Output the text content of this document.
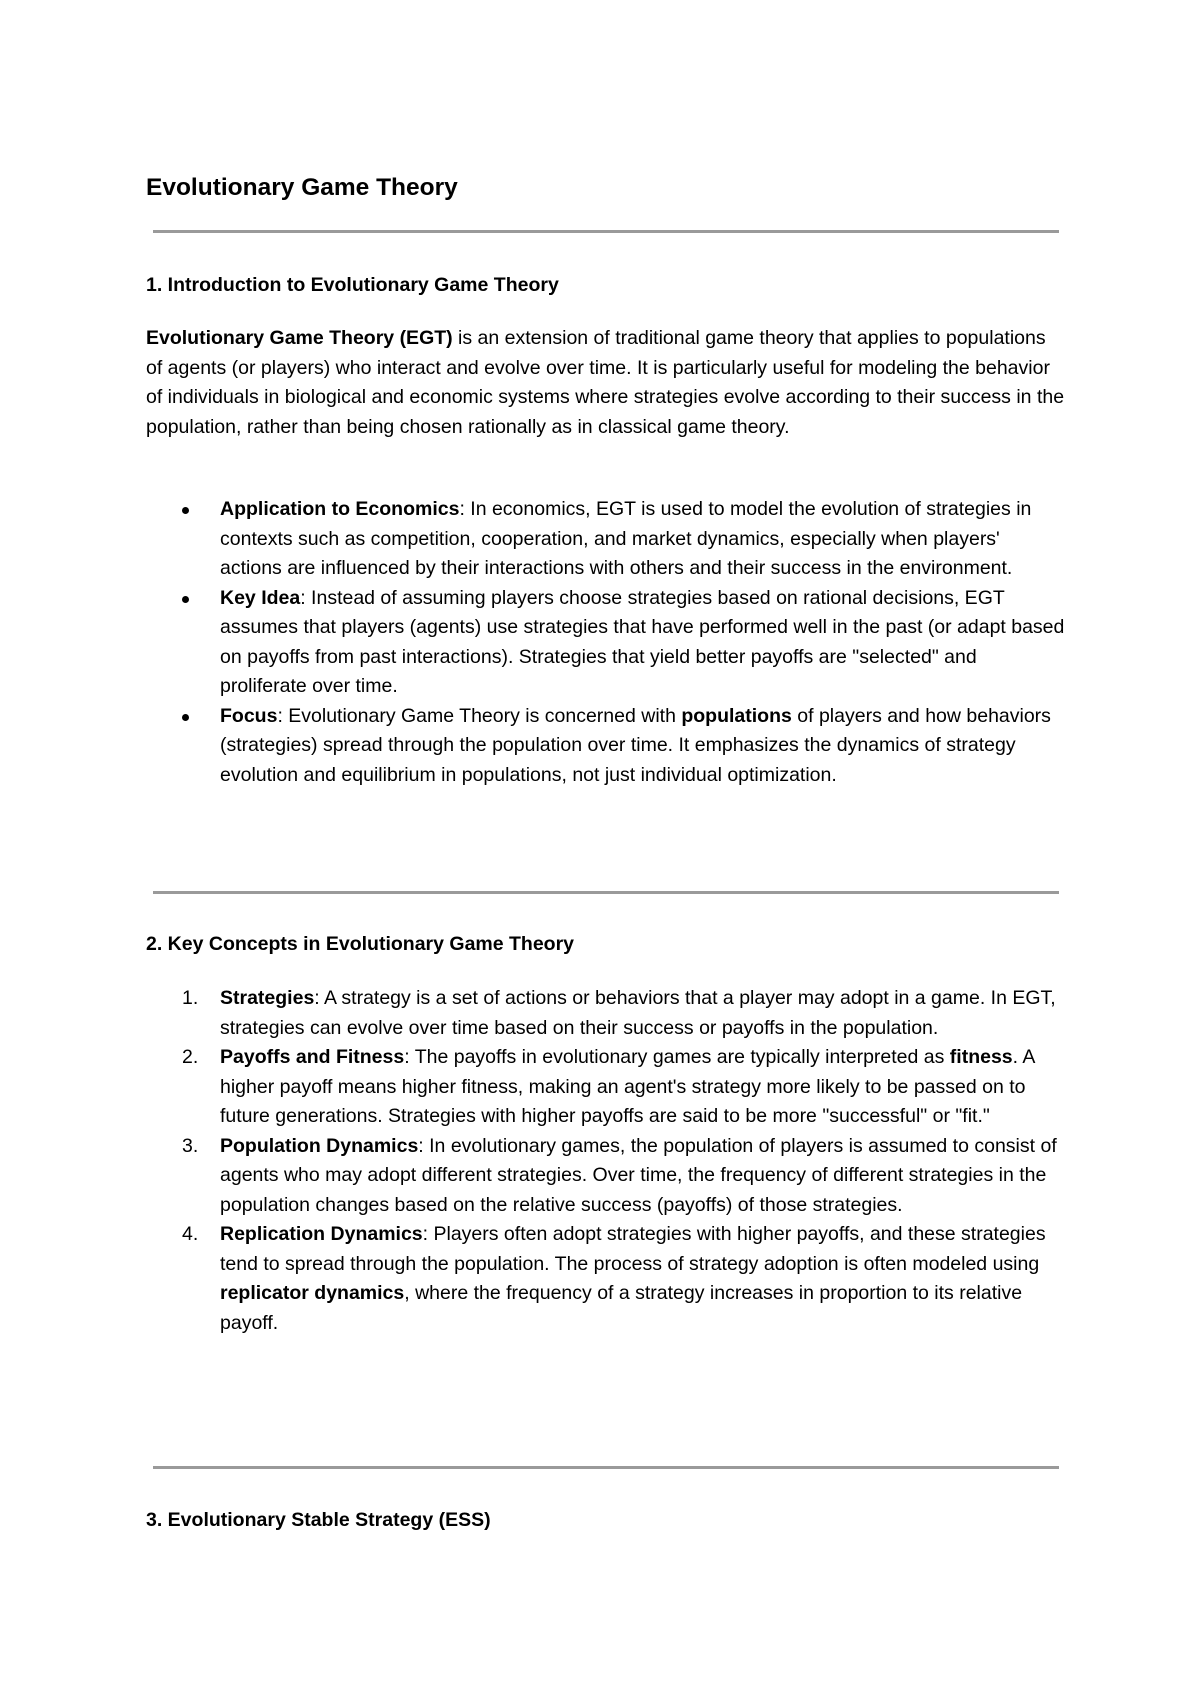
Evolutionary Game Theory
1. Introduction to Evolutionary Game Theory

Evolutionary Game Theory (EGT) is an extension of traditional game theory that applies to populations of agents (or players) who interact and evolve over time. It is particularly useful for modeling the behavior of individuals in biological and economic systems where strategies evolve according to their success in the population, rather than being chosen rationally as in classical game theory.

Application to Economics: In economics, EGT is used to model the evolution of strategies in contexts such as competition, cooperation, and market dynamics, especially when players' actions are influenced by their interactions with others and their success in the environment.
Key Idea: Instead of assuming players choose strategies based on rational decisions, EGT assumes that players (agents) use strategies that have performed well in the past (or adapt based on payoffs from past interactions). Strategies that yield better payoffs are "selected" and proliferate over time.
Focus: Evolutionary Game Theory is concerned with populations of players and how behaviors (strategies) spread through the population over time. It emphasizes the dynamics of strategy evolution and equilibrium in populations, not just individual optimization.
2. Key Concepts in Evolutionary Game Theory
1.	Strategies: A strategy is a set of actions or behaviors that a player may adopt in a game. In EGT, strategies can evolve over time based on their success or payoffs in the population.
2.	Payoffs and Fitness: The payoffs in evolutionary games are typically interpreted as fitness. A higher payoff means higher fitness, making an agent's strategy more likely to be passed on to future generations. Strategies with higher payoffs are said to be more "successful" or "fit."
3.	Population Dynamics: In evolutionary games, the population of players is assumed to consist of agents who may adopt different strategies. Over time, the frequency of different strategies in the population changes based on the relative success (payoffs) of those strategies.
4.	Replication Dynamics: Players often adopt strategies with higher payoffs, and these strategies tend to spread through the population. The process of strategy adoption is often modeled using replicator dynamics, where the frequency of a strategy increases in proportion to its relative payoff.
3. Evolutionary Stable Strategy (ESS)
